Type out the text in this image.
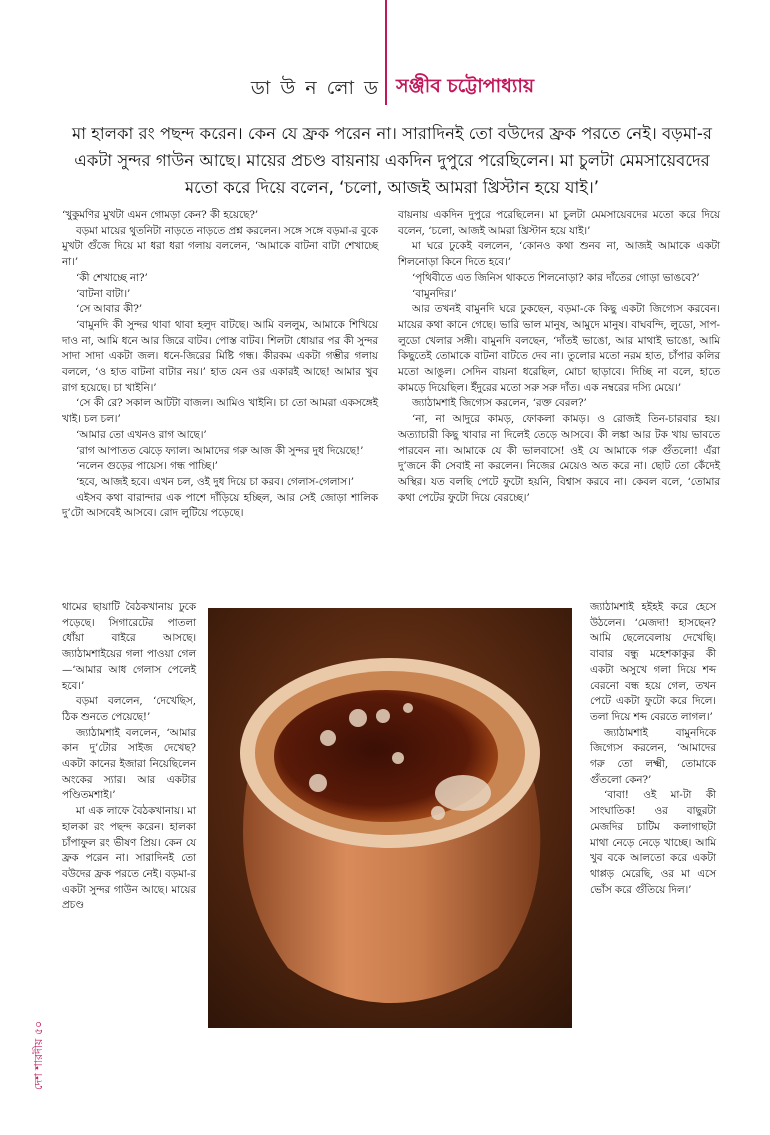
ডা উ ন লো ড সঞ্জীব চট্টোপাধ্যায়
মা হালকা রং পছন্দ করেন। কেন যে ফ্রক পরেন না। সারাদিনই তো বউদের ফ্রক পরতে নেই। বড়মা-র একটা সুন্দর গাউন আছে। মায়ের প্রচণ্ড বায়নায় একদিন দুপুরে পরেছিলেন। মা চুলটা মেমসায়েবদের মতো করে দিয়ে বলেন, ‘চলো, আজই আমরা খ্রিস্টান হয়ে যাই।’

‘খুকুমণির মুখটা এমন গোমড়া কেন? কী হয়েছে?’

বড়মা মায়ের থুতনিটা নাড়তে নাড়তে প্রশ্ন করলেন। সঙ্গে সঙ্গে বড়মা-র বুকে মুখটা গুঁজে দিয়ে মা ধরা ধরা গলায় বললেন, ‘আমাকে বাটনা বাটা শেখাচ্ছে না।’

‘কী শেখাচ্ছে না?’

‘বাটনা বাটা।’

‘সে আবার কী?’

‘বামুনদি কী সুন্দর থাবা থাবা হলুদ বাটছে। আমি বললুম, আমাকে শিখিয়ে দাও না, আমি ধনে আর জিরে বাটব। পোস্ত বাটব। শিলটা ধোয়ার পর কী সুন্দর সাদা সাদা একটা জল। ধনে-জিরের মিষ্টি গন্ধ। কীরকম একটা গম্ভীর গলায় বললে, ‘ও হাত বাটনা বাটার নয়।’ হাত যেন ওর একারই আছে! আমার খুব রাগ হয়েছে। চা খাইনি।’

‘সে কী রে? সকাল আটটা বাজল। আমিও খাইনি। চা তো আমরা একসঙ্গেই খাই। চল চল।’

‘আমার তো এখনও রাগ আছে।’

‘রাগ আপাতত ঝেড়ে ফ্যাল। আমাদের গরু আজ কী সুন্দর দুধ দিয়েছে!’

‘নলেন গুড়ের পায়েস। গন্ধ পাচ্ছি।’

‘হবে, আজই হবে। এখন চল, ওই দুধ দিয়ে চা করব। গেলাস-গেলাস।’

এইসব কথা বারান্দার এক পাশে দাঁড়িয়ে হচ্ছিল, আর সেই জোড়া শালিক দু’টো আসবেই আসবে। রোদ লুটিয়ে পড়েছে।

বায়নায় একদিন দুপুরে পরেছিলেন। মা চুলটা মেমসায়েবদের মতো করে দিয়ে বলেন, ‘চলো, আজই আমরা খ্রিস্টান হয়ে যাই।’

মা ঘরে ঢুকেই বললেন, ‘কোনও কথা শুনব না, আজই আমাকে একটা শিলনোড়া কিনে দিতে হবে।’

‘পৃথিবীতে এত জিনিস থাকতে শিলনোড়া? কার দাঁতের গোড়া ভাঙবে?’

‘বামুনদির।’

আর তখনই বামুনদি ঘরে ঢুকছেন, বড়মা-কে কিছু একটা জিগ্যেস করবেন। মায়ের কথা কানে গেছে। ভারি ভাল মানুষ, আমুদে মানুষ। বাঘবন্দি, লুডো, সাপ-লুডো খেলার সঙ্গী। বামুনদি বলছেন, ‘দাঁতই ভাঙো, আর মাথাই ভাঙো, আমি কিছুতেই তোমাকে বাটনা বাটতে দেব না। তুলোর মতো নরম হাত, চাঁপার কলির মতো আঙুল। সেদিন বায়না ধরেছিল, মোচা ছাড়াবে। দিচ্ছি না বলে, হাতে কামড়ে দিয়েছিল। ইঁদুরের মতো সরু সরু দাঁত। এক নম্বরের দস্যি মেয়ে।’

জ্যাঠামশাই জিগ্যেস করলেন, ‘রক্ত বেরল?’

‘না, না আদুরে কামড়, ফোকলা কামড়। ও রোজই তিন-চারবার হয়। অত্যাচারী কিছু খাবার না দিলেই তেড়ে আসবে। কী লঙ্কা আর টক খায় ভাবতে পারবেন না। আমাকে যে কী ভালবাসে! ওই যে আমাকে গরু গুঁতলো! এঁরা দু’জনে কী সেবাই না করলেন। নিজের মেয়েও অত করে না। ছোট তো কেঁদেই অস্থির। যত বলছি পেটে ফুটো হয়নি, বিশ্বাস করবে না। কেবল বলে, ‘তোমার কথা পেটের ফুটো দিয়ে বেরচ্ছে।’

থামের ছায়াটি বৈঠকখানায় ঢুকে পড়েছে। সিগারেটের পাতলা ধোঁয়া বাইরে আসছে। জ্যাঠামশাইয়ের গলা পাওয়া গেল—‘আমার আধ গেলাস পেলেই হবে।’

বড়মা বললেন, ‘দেখেছিস, ঠিক শুনতে পেয়েছে!’

জ্যাঠামশাই বললেন, ‘আমার কান দু’টোর সাইজ দেখেছ? একটা কানের ইজারা নিয়েছিলেন অংকের স্যার। আর একটার পণ্ডিতমশাই।’

মা এক লাফে বৈঠকখানায়। মা হালকা রং পছন্দ করেন। হালকা চাঁপাফুল রং ভীষণ প্রিয়। কেন যে ফ্রক পরেন না। সারাদিনই তো বউদের ফ্রক পরতে নেই। বড়মা-র একটা সুন্দর গাউন আছে। মায়ের প্রচণ্ড

জ্যাঠামশাই হইহই করে হেসে উঠলেন। ‘মেজদা! হাসছেন? আমি ছেলেবেলায় দেখেছি। বাবার বন্ধু মহেশকাকুর কী একটা অসুখে গলা দিয়ে শব্দ বেরনো বন্ধ হয়ে গেল, তখন পেটে একটা ফুটো করে দিলে। তলা দিয়ে শব্দ বেরতে লাগল।’

জ্যাঠামশাই বামুনদিকে জিগ্যেস করলেন, ‘আমাদের গরু তো লক্ষ্মী, তোমাকে গুঁতলো কেন?’

‘বাবা! ওই মা-টা কী সাংঘাতিক! ওর বাছুরটা মেজদির চাটিম কলাগাছটা মাথা নেড়ে নেড়ে খাচ্ছে। আমি খুব বকে আলতো করে একটা থাপ্পড় মেরেছি, ওর মা এসে ভোঁস করে গুঁতিয়ে দিল।’

দেশ শারদীয় ৫০
